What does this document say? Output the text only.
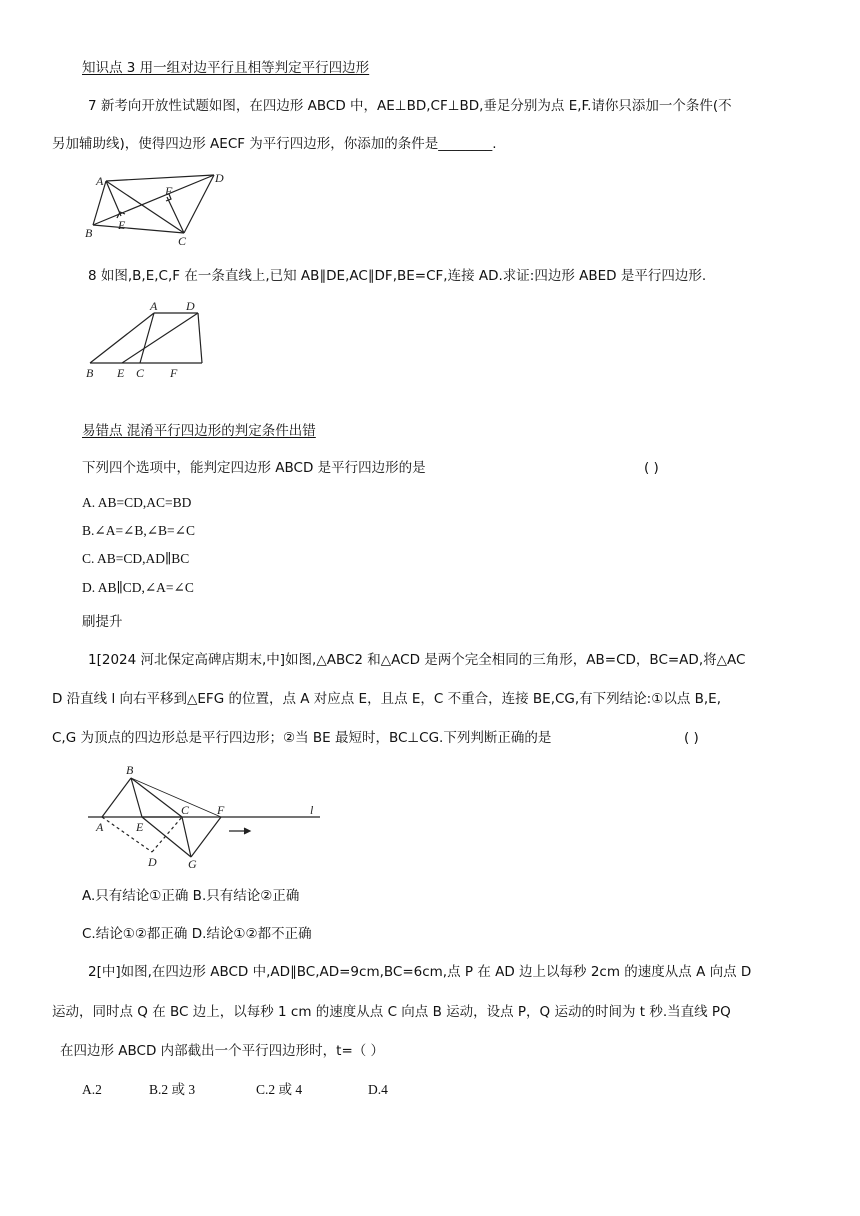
知识点 3 用一组对边平行且相等判定平行四边形
7 新考向开放性试题如图，在四边形 ABCD 中，AE⊥BD,CF⊥BD,垂足分别为点 E,F.请你只添加一个条件(不
另加辅助线)，使得四边形 AECF 为平行四边形，你添加的条件是________.
A
F
D
B
E
C
8 如图,B,E,C,F 在一条直线上,已知 AB∥DE,AC∥DF,BE=CF,连接 AD.求证:四边形 ABED 是平行四边形.
A D
B E C F
易错点 混淆平行四边形的判定条件出错
下列四个选项中，能判定四边形 ABCD 是平行四边形的是	( )
A. AB=CD,AC=BD
B.∠A=∠B,∠B=∠C
C. AB=CD,AD∥BC
D. AB∥CD,∠A=∠C
刷提升
1[2024 河北保定高碑店期末,中]如图,△ABC2 和△ACD 是两个完全相同的三角形，AB=CD，BC=AD,将△AC
D 沿直线 l 向右平移到△EFG 的位置，点 A 对应点 E，且点 E，C 不重合，连接 BE,CG,有下列结论:①以点 B,E,
C,G 为顶点的四边形总是平行四边形；②当 BE 最短时，BC⊥CG.下列判断正确的是	( )
B
C F	l
A	E
D	G
A.只有结论①正确 B.只有结论②正确
C.结论①②都正确 D.结论①②都不正确
2[中]如图,在四边形 ABCD 中,AD∥BC,AD=9cm,BC=6cm,点 P 在 AD 边上以每秒 2cm 的速度从点 A 向点 D
运动，同时点 Q 在 BC 边上，以每秒 1 cm 的速度从点 C 向点 B 运动，设点 P，Q 运动的时间为 t 秒.当直线 PQ
在四边形 ABCD 内部截出一个平行四边形时，t=（ ）
A.2	B.2 或 3	C.2 或 4	D.4
